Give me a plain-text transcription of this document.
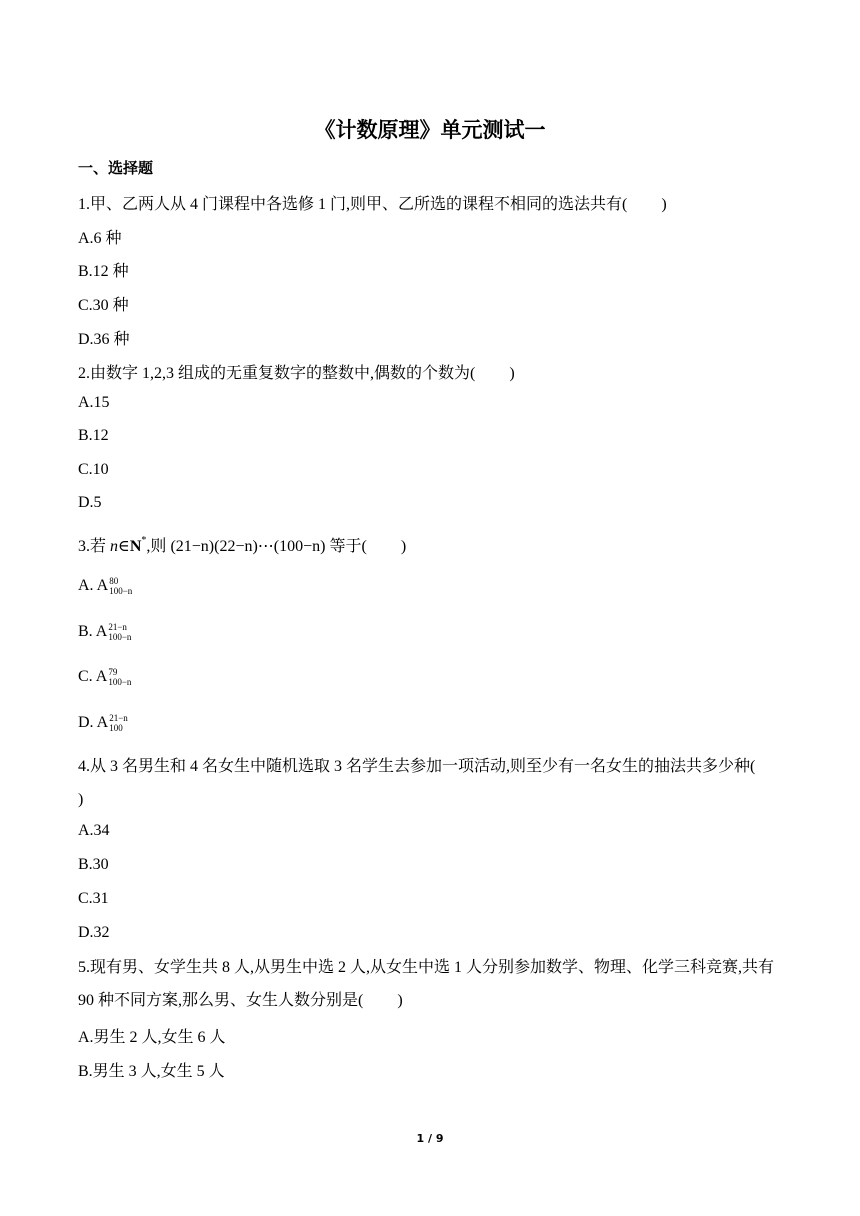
《计数原理》单元测试一
一、选择题
1.甲、乙两人从 4 门课程中各选修 1 门,则甲、乙所选的课程不相同的选法共有( )
A.6 种
B.12 种
C.30 种
D.36 种
2.由数字 1,2,3 组成的无重复数字的整数中,偶数的个数为( )
A.15
B.12
C.10
D.5
3.若 n∈N*,则 (21−n)(22−n)⋯(100−n) 等于( )
A. A 80
100−n
B. A 21−n
100−n
C. A 79
100−n
D. A 21−n
100
4.从 3 名男生和 4 名女生中随机选取 3 名学生去参加一项活动,则至少有一名女生的抽法共多少种()
A.34
B.30
C.31
D.32
5.现有男、女学生共 8 人,从男生中选 2 人,从女生中选 1 人分别参加数学、物理、化学三科竞赛,共有 90 种不同方案,那么男、女生人数分别是( )
A.男生 2 人,女生 6 人
B.男生 3 人,女生 5 人
1 / 9
